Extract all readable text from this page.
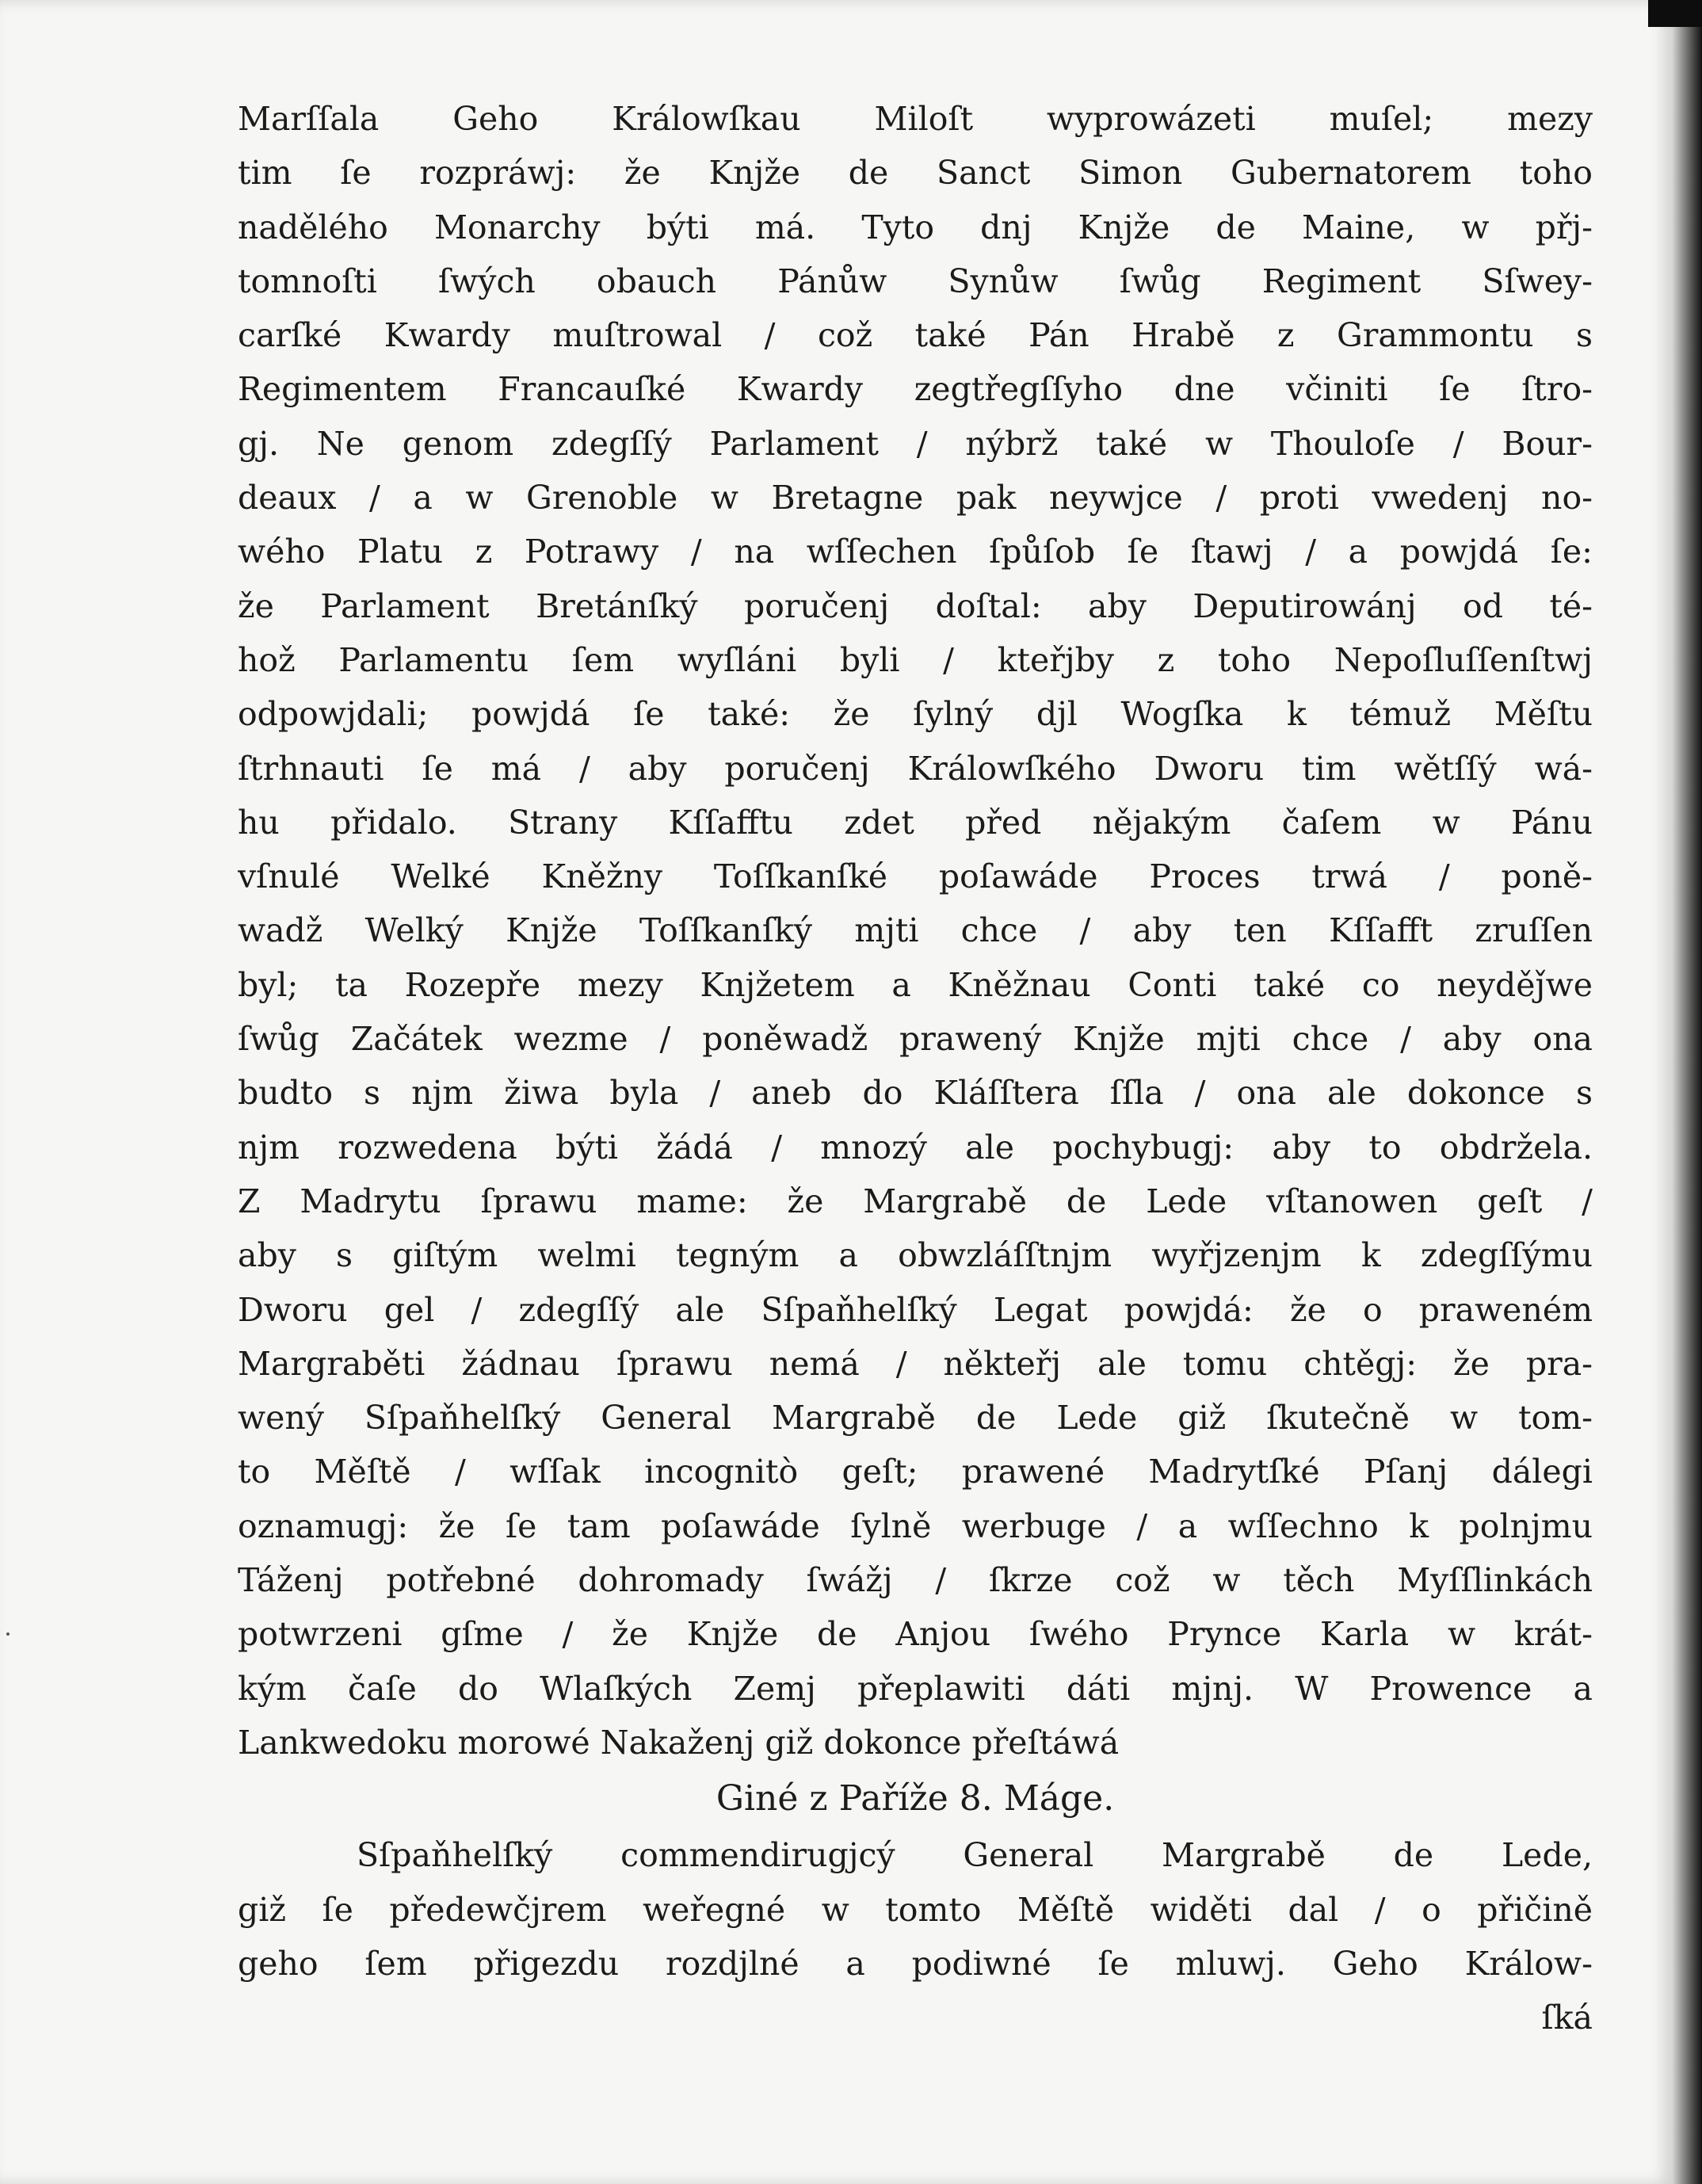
Marſſala Geho Králowſkau Miloſt wyprowázeti muſel; mezy
tim ſe rozpráwj: že Knjže de Sanct Simon Gubernatorem toho
nadělého Monarchy býti má. Tyto dnj Knjže de Maine, w přj-
tomnoſti ſwých obauch Pánůw Synůw ſwůg Regiment Sſwey-
carſké Kwardy muſtrowal / což také Pán Hrabě z Grammontu s
Regimentem Francauſké Kwardy zegtřegſſyho dne včiniti ſe ſtro-
gj. Ne genom zdegſſý Parlament / nýbrž také w Thouloſe / Bour-
deaux / a w Grenoble w Bretagne pak neywjce / proti vwedenj no-
wého Platu z Potrawy / na wſſechen ſpůſob ſe ſtawj / a powjdá ſe:
že Parlament Bretánſký poručenj doſtal: aby Deputirowánj od té-
hož Parlamentu ſem wyſláni byli / kteřjby z toho Nepoſluſſenſtwj
odpowjdali; powjdá ſe také: že ſylný djl Wogſka k témuž Měſtu
ſtrhnauti ſe má / aby poručenj Králowſkého Dworu tim wětſſý wá-
hu přidalo. Strany Kſſafftu zdet před nějakým čaſem w Pánu
vſnulé Welké Kněžny Toſſkanſké poſawáde Proces trwá / poně-
wadž Welký Knjže Toſſkanſký mjti chce / aby ten Kſſafft zruſſen
byl; ta Rozepře mezy Knjžetem a Kněžnau Conti také co neyděǰwe
ſwůg Začátek wezme / poněwadž prawený Knjže mjti chce / aby ona
budto s njm žiwa byla / aneb do Kláſſtera ſſla / ona ale dokonce s
njm rozwedena býti žádá / mnozý ale pochybugj: aby to obdržela.
Z Madrytu ſprawu mame: že Margrabě de Lede vſtanowen geſt /
aby s giſtým welmi tegným a obwzláſſtnjm wyřjzenjm k zdegſſýmu
Dworu gel / zdegſſý ale Sſpaňhelſký Legat powjdá: že o praweném
Margraběti žádnau ſprawu nemá / někteřj ale tomu chtěgj: že pra-
wený Sſpaňhelſký General Margrabě de Lede giž ſkutečně w tom-
to Měſtě / wſſak incognitò geſt; prawené Madrytſké Pſanj dálegi
oznamugj: že ſe tam poſawáde ſylně werbuge / a wſſechno k polnjmu
Táženj potřebné dohromady ſwážj / ſkrze což w těch Myſſlinkách
potwrzeni gſme / že Knjže de Anjou ſwého Prynce Karla w krát-
kým čaſe do Wlaſkých Zemj přeplawiti dáti mjnj. W Prowence a
Lankwedoku morowé Nakaženj giž dokonce přeſtáwá
Giné z Paříže 8. Máge.
Sſpaňhelſký commendirugjcý General Margrabě de Lede,
giž ſe předewčjrem weřegné w tomto Měſtě widěti dal / o přičině
geho ſem přigezdu rozdjlné a podiwné ſe mluwj. Geho Králow-
ſká
